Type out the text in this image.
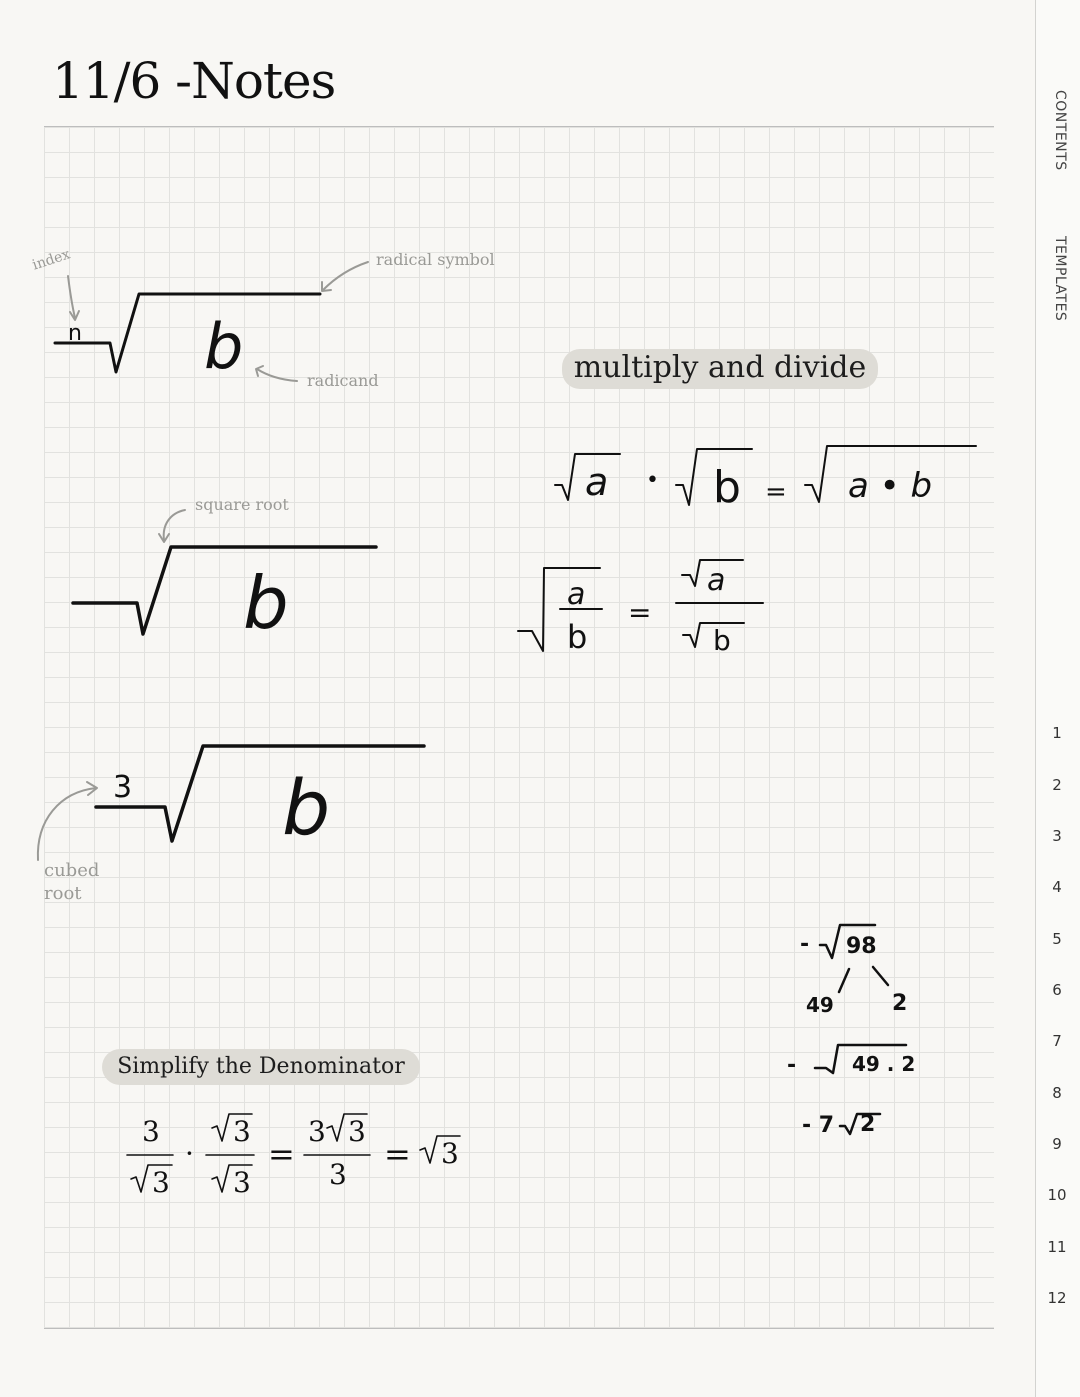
11/6 -Notes
CONTENTS
TEMPLATES
1
2
3
4
5
6
7
8
9
10
11
12
index	radical symbol
radicand
square root
cubed
root
multiply and divide
Simplify the Denominator
n b
b
3 b
a • b = a • b
a
b
=
a
b
- 98
49	2
-	49 . 2
- 7 2
3
3
·
3
3
=
3 3
3
= 3
